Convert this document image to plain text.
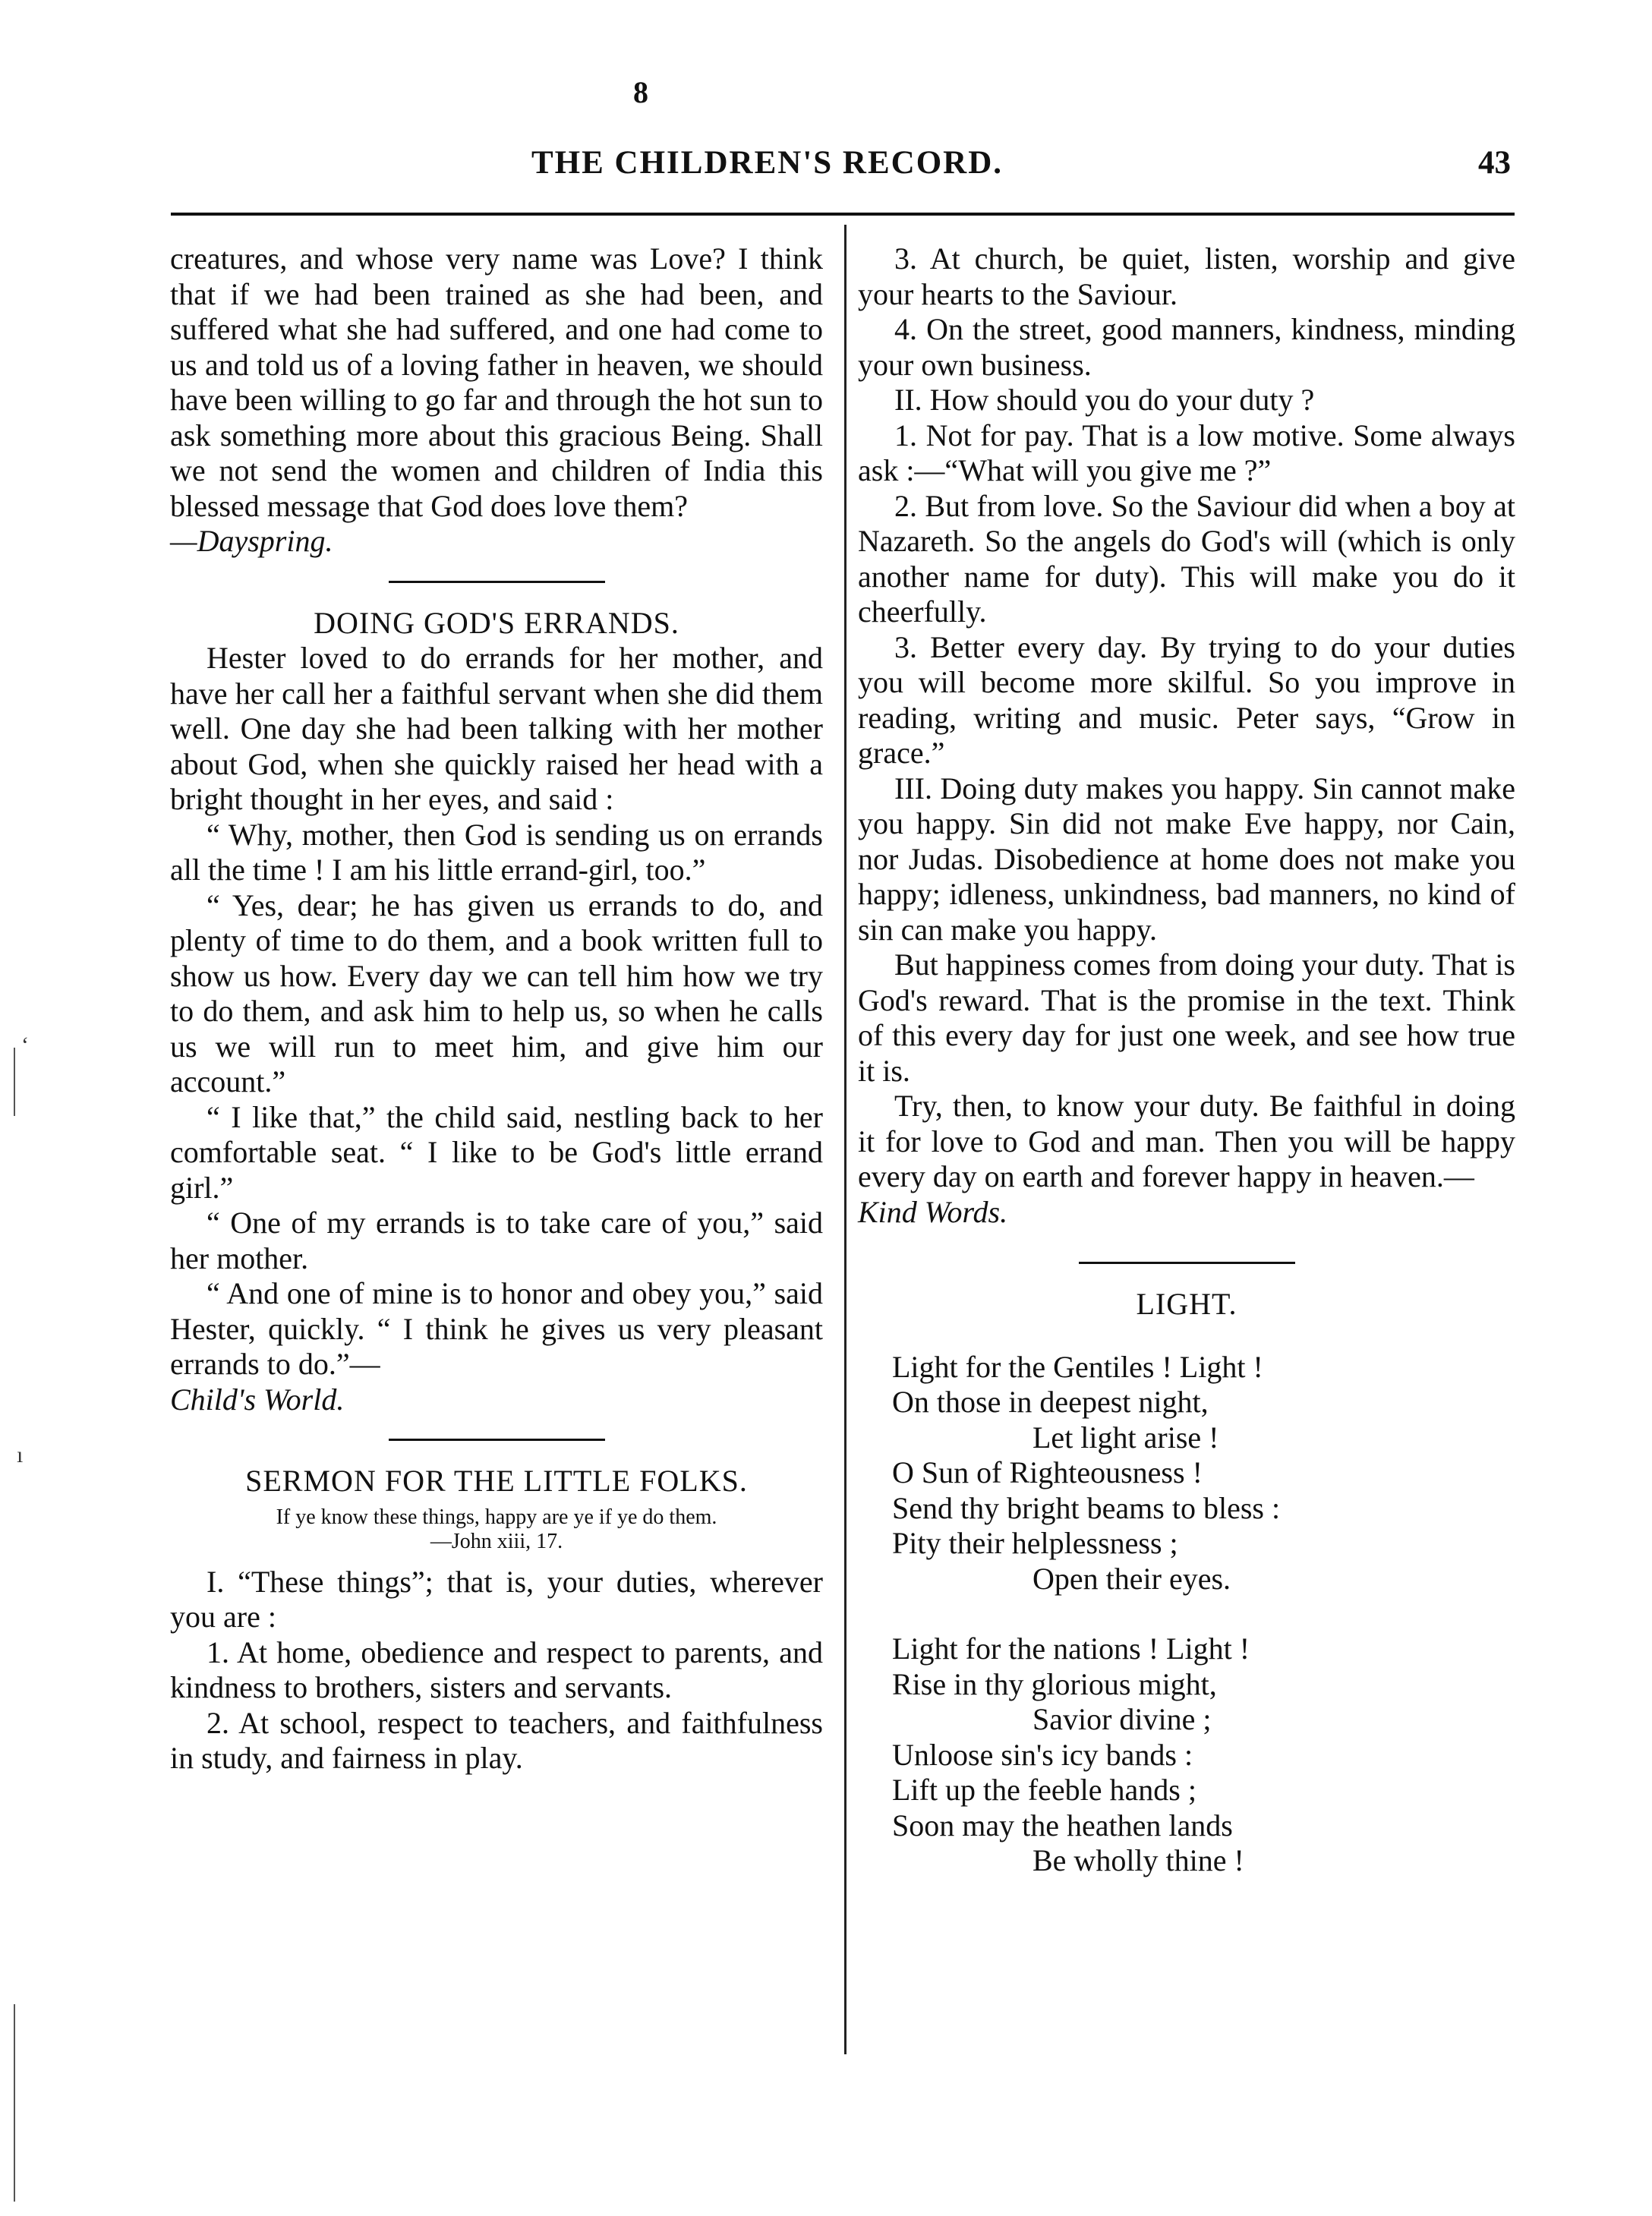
8
THE CHILDREN'S RECORD.	43
‘
ı

creatures, and whose very name was Love? I think that if we had been trained as she had been, and suffered what she had suffered, and one had come to us and told us of a loving father in heaven, we should have been willing to go far and through the hot sun to ask something more about this gracious Being. Shall we not send the women and children of India this blessed message that God does love them?

—Dayspring.

DOING GOD'S ERRANDS.

Hester loved to do errands for her mother, and have her call her a faithful servant when she did them well. One day she had been talking with her mother about God, when she quickly raised her head with a bright thought in her eyes, and said :

“ Why, mother, then God is sending us on errands all the time ! I am his little errand-girl, too.”

“ Yes, dear; he has given us errands to do, and plenty of time to do them, and a book written full to show us how. Every day we can tell him how we try to do them, and ask him to help us, so when he calls us we will run to meet him, and give him our account.”

“ I like that,” the child said, nestling back to her comfortable seat. “ I like to be God's little errand girl.”

“ One of my errands is to take care of you,” said her mother.

“ And one of mine is to honor and obey you,” said Hester, quickly. “ I think he gives us very pleasant errands to do.”—

Child's World.

SERMON FOR THE LITTLE FOLKS.

If ye know these things, happy are ye if ye do them.
—John xiii, 17.

I. “These things”; that is, your duties, wherever you are :

1. At home, obedience and respect to parents, and kindness to brothers, sisters and servants.

2. At school, respect to teachers, and faithfulness in study, and fairness in play.

3. At church, be quiet, listen, worship and give your hearts to the Saviour.

4. On the street, good manners, kindness, minding your own business.

II. How should you do your duty ?

1. Not for pay. That is a low motive. Some always ask :—“What will you give me ?”

2. But from love. So the Saviour did when a boy at Nazareth. So the angels do God's will (which is only another name for duty). This will make you do it cheerfully.

3. Better every day. By trying to do your duties you will become more skilful. So you improve in reading, writing and music. Peter says, “Grow in grace.”

III. Doing duty makes you happy. Sin cannot make you happy. Sin did not make Eve happy, nor Cain, nor Judas. Disobedience at home does not make you happy; idleness, unkindness, bad manners, no kind of sin can make you happy.

But happiness comes from doing your duty. That is God's reward. That is the promise in the text. Think of this every day for just one week, and see how true it is.

Try, then, to know your duty. Be faithful in doing it for love to God and man. Then you will be happy every day on earth and forever happy in heaven.—

Kind Words.

LIGHT.

Light for the Gentiles ! Light !
On those in deepest night,
Let light arise !
O Sun of Righteousness !
Send thy bright beams to bless :
Pity their helplessness ;
Open their eyes.
Light for the nations ! Light !
Rise in thy glorious might,
Savior divine ;
Unloose sin's icy bands :
Lift up the feeble hands ;
Soon may the heathen lands
Be wholly thine !
